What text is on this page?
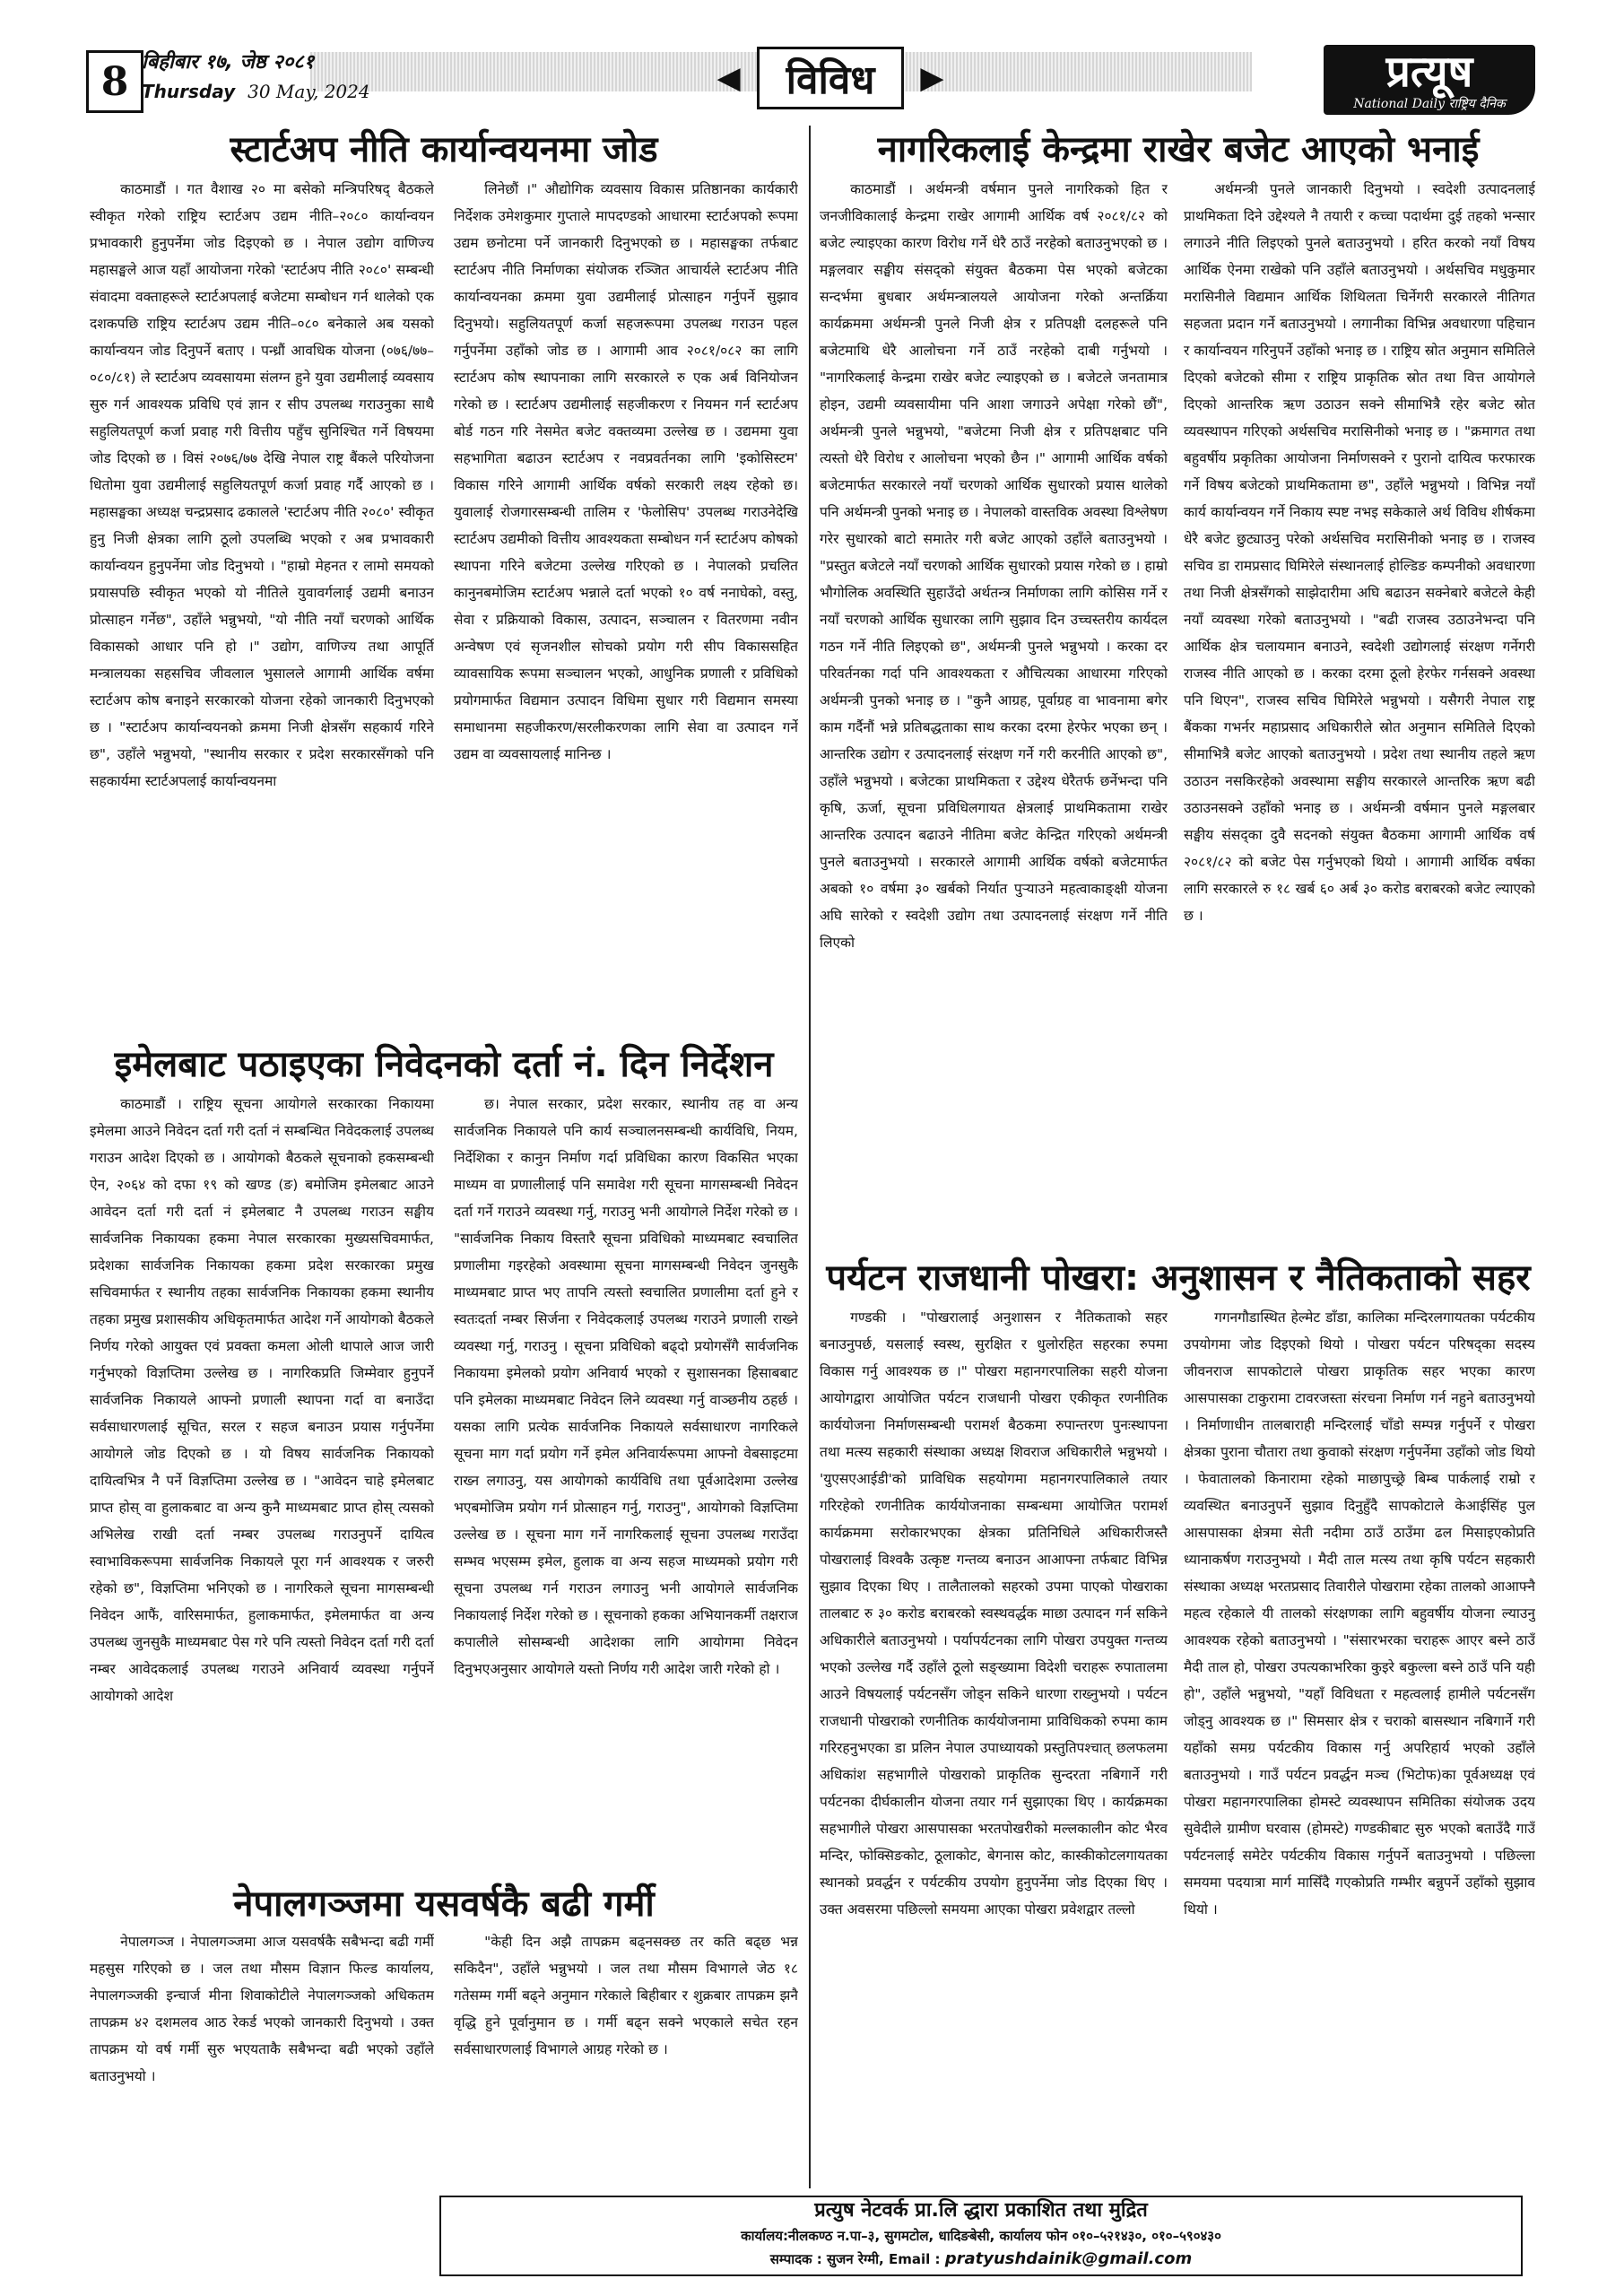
8 बिहीबार १७, जेष्ठ २०८१
Thursday 30 May, 2024	◀	विविध	▶	प्रत्यूष
National Daily राष्ट्रिय दैनिक
स्टार्टअप नीति कार्यान्वयनमा जोड

काठमाडौं । गत वैशाख २० मा बसेको मन्त्रिपरिषद् बैठकले स्वीकृत गरेको राष्ट्रिय स्टार्टअप उद्यम नीति–२०८० कार्यान्वयन प्रभावकारी हुनुपर्नेमा जोड दिइएको छ । नेपाल उद्योग वाणिज्य महासङ्घले आज यहाँ आयोजना गरेको 'स्टार्टअप नीति २०८०' सम्बन्धी संवादमा वक्ताहरूले स्टार्टअपलाई बजेटमा सम्बोधन गर्न थालेको एक दशकपछि राष्ट्रिय स्टार्टअप उद्यम नीति–०८० बनेकाले अब यसको कार्यान्वयन जोड दिनुपर्ने बताए । पन्ध्रौं आवधिक योजना (०७६/७७–०८०/८१) ले स्टार्टअप व्यवसायमा संलग्न हुने युवा उद्यमीलाई व्यवसाय सुरु गर्न आवश्यक प्रविधि एवं ज्ञान र सीप उपलब्ध गराउनुका साथै सहुलियतपूर्ण कर्जा प्रवाह गरी वित्तीय पहुँच सुनिश्चित गर्ने विषयमा जोड दिएको छ । विसं २०७६/७७ देखि नेपाल राष्ट्र बैंकले परियोजना धितोमा युवा उद्यमीलाई सहुलियतपूर्ण कर्जा प्रवाह गर्दै आएको छ । महासङ्घका अध्यक्ष चन्द्रप्रसाद ढकालले 'स्टार्टअप नीति २०८०' स्वीकृत हुनु निजी क्षेत्रका लागि ठूलो उपलब्धि भएको र अब प्रभावकारी कार्यान्वयन हुनुपर्नेमा जोड दिनुभयो । "हाम्रो मेहनत र लामो समयको प्रयासपछि स्वीकृत भएको यो नीतिले युवावर्गलाई उद्यमी बनाउन प्रोत्साहन गर्नेछ", उहाँले भन्नुभयो, "यो नीति नयाँ चरणको आर्थिक विकासको आधार पनि हो ।" उद्योग, वाणिज्य तथा आपूर्ति मन्त्रालयका सहसचिव जीवलाल भुसालले आगामी आर्थिक वर्षमा स्टार्टअप कोष बनाइने सरकारको योजना रहेको जानकारी दिनुभएको छ । "स्टार्टअप कार्यान्वयनको क्रममा निजी क्षेत्रसँग सहकार्य गरिने छ", उहाँले भन्नुभयो, "स्थानीय सरकार र प्रदेश सरकारसँगको पनि सहकार्यमा स्टार्टअपलाई कार्यान्वयनमा

लिनेछौं ।" औद्योगिक व्यवसाय विकास प्रतिष्ठानका कार्यकारी निर्देशक उमेशकुमार गुप्ताले मापदण्डको आधारमा स्टार्टअपको रूपमा उद्यम छनोटमा पर्ने जानकारी दिनुभएको छ । महासङ्घका तर्फबाट स्टार्टअप नीति निर्माणका संयोजक रञ्जित आचार्यले स्टार्टअप नीति कार्यान्वयनका क्रममा युवा उद्यमीलाई प्रोत्साहन गर्नुपर्ने सुझाव दिनुभयो। सहुलियतपूर्ण कर्जा सहजरूपमा उपलब्ध गराउन पहल गर्नुपर्नेमा उहाँको जोड छ । आगामी आव २०८१/०८२ का लागि स्टार्टअप कोष स्थापनाका लागि सरकारले रु एक अर्ब विनियोजन गरेको छ । स्टार्टअप उद्यमीलाई सहजीकरण र नियमन गर्न स्टार्टअप बोर्ड गठन गरि नेसमेत बजेट वक्तव्यमा उल्लेख छ । उद्यममा युवा सहभागिता बढाउन स्टार्टअप र नवप्रवर्तनका लागि 'इकोसिस्टम' विकास गरिने आगामी आर्थिक वर्षको सरकारी लक्ष्य रहेको छ। युवालाई रोजगारसम्बन्धी तालिम र 'फेलोसिप' उपलब्ध गराउनेदेखि स्टार्टअप उद्यमीको वित्तीय आवश्यकता सम्बोधन गर्न स्टार्टअप कोषको स्थापना गरिने बजेटमा उल्लेख गरिएको छ । नेपालको प्रचलित कानुनबमोजिम स्टार्टअप भन्नाले दर्ता भएको १० वर्ष ननाघेको, वस्तु, सेवा र प्रक्रियाको विकास, उत्पादन, सञ्चालन र वितरणमा नवीन अन्वेषण एवं सृजनशील सोचको प्रयोग गरी सीप विकाससहित व्यावसायिक रूपमा सञ्चालन भएको, आधुनिक प्रणाली र प्रविधिको प्रयोगमार्फत विद्यमान उत्पादन विधिमा सुधार गरी विद्यमान समस्या समाधानमा सहजीकरण/सरलीकरणका लागि सेवा वा उत्पादन गर्ने उद्यम वा व्यवसायलाई मानिन्छ ।

इमेलबाट पठाइएका निवेदनको दर्ता नं. दिन निर्देशन

काठमाडौं । राष्ट्रिय सूचना आयोगले सरकारका निकायमा इमेलमा आउने निवेदन दर्ता गरी दर्ता नं सम्बन्धित निवेदकलाई उपलब्ध गराउन आदेश दिएको छ । आयोगको बैठकले सूचनाको हकसम्बन्धी ऐन, २०६४ को दफा १९ को खण्ड (ङ) बमोजिम इमेलबाट आउने आवेदन दर्ता गरी दर्ता नं इमेलबाट नै उपलब्ध गराउन सङ्घीय सार्वजनिक निकायका हकमा नेपाल सरकारका मुख्यसचिवमार्फत, प्रदेशका सार्वजनिक निकायका हकमा प्रदेश सरकारका प्रमुख सचिवमार्फत र स्थानीय तहका सार्वजनिक निकायका हकमा स्थानीय तहका प्रमुख प्रशासकीय अधिकृतमार्फत आदेश गर्ने आयोगको बैठकले निर्णय गरेको आयुक्त एवं प्रवक्ता कमला ओली थापाले आज जारी गर्नुभएको विज्ञप्तिमा उल्लेख छ । नागरिकप्रति जिम्मेवार हुनुपर्ने सार्वजनिक निकायले आफ्नो प्रणाली स्थापना गर्दा वा बनाउँदा सर्वसाधारणलाई सूचित, सरल र सहज बनाउन प्रयास गर्नुपर्नेमा आयोगले जोड दिएको छ । यो विषय सार्वजनिक निकायको दायित्वभित्र नै पर्ने विज्ञप्तिमा उल्लेख छ । "आवेदन चाहे इमेलबाट प्राप्त होस् वा हुलाकबाट वा अन्य कुनै माध्यमबाट प्राप्त होस् त्यसको अभिलेख राखी दर्ता नम्बर उपलब्ध गराउनुपर्ने दायित्व स्वाभाविकरूपमा सार्वजनिक निकायले पूरा गर्न आवश्यक र जरुरी रहेको छ", विज्ञप्तिमा भनिएको छ । नागरिकले सूचना मागसम्बन्धी निवेदन आफैं, वारिसमार्फत, हुलाकमार्फत, इमेलमार्फत वा अन्य उपलब्ध जुनसुकै माध्यमबाट पेस गरे पनि त्यस्तो निवेदन दर्ता गरी दर्ता नम्बर आवेदकलाई उपलब्ध गराउने अनिवार्य व्यवस्था गर्नुपर्ने आयोगको आदेश

छ। नेपाल सरकार, प्रदेश सरकार, स्थानीय तह वा अन्य सार्वजनिक निकायले पनि कार्य सञ्चालनसम्बन्धी कार्यविधि, नियम, निर्देशिका र कानुन निर्माण गर्दा प्रविधिका कारण विकसित भएका माध्यम वा प्रणालीलाई पनि समावेश गरी सूचना मागसम्बन्धी निवेदन दर्ता गर्ने गराउने व्यवस्था गर्नु, गराउनु भनी आयोगले निर्देश गरेको छ । "सार्वजनिक निकाय विस्तारै सूचना प्रविधिको माध्यमबाट स्वचालित प्रणालीमा गइरहेको अवस्थामा सूचना मागसम्बन्धी निवेदन जुनसुकै माध्यमबाट प्राप्त भए तापनि त्यस्तो स्वचालित प्रणालीमा दर्ता हुने र स्वतःदर्ता नम्बर सिर्जना र निवेदकलाई उपलब्ध गराउने प्रणाली राख्ने व्यवस्था गर्नु, गराउनु । सूचना प्रविधिको बढ्दो प्रयोगसँगै सार्वजनिक निकायमा इमेलको प्रयोग अनिवार्य भएको र सुशासनका हिसाबबाट पनि इमेलका माध्यमबाट निवेदन लिने व्यवस्था गर्नु वाञ्छनीय ठहर्छ । यसका लागि प्रत्येक सार्वजनिक निकायले सर्वसाधारण नागरिकले सूचना माग गर्दा प्रयोग गर्ने इमेल अनिवार्यरूपमा आफ्नो वेबसाइटमा राख्न लगाउनु, यस आयोगको कार्यविधि तथा पूर्वआदेशमा उल्लेख भएबमोजिम प्रयोग गर्न प्रोत्साहन गर्नु, गराउनु", आयोगको विज्ञप्तिमा उल्लेख छ । सूचना माग गर्ने नागरिकलाई सूचना उपलब्ध गराउँदा सम्भव भएसम्म इमेल, हुलाक वा अन्य सहज माध्यमको प्रयोग गरी सूचना उपलब्ध गर्न गराउन लगाउनु भनी आयोगले सार्वजनिक निकायलाई निर्देश गरेको छ । सूचनाको हकका अभियानकर्मी तक्षराज कपालीले सोसम्बन्धी आदेशका लागि आयोगमा निवेदन दिनुभएअनुसार आयोगले यस्तो निर्णय गरी आदेश जारी गरेको हो ।

नेपालगञ्जमा यसवर्षकै बढी गर्मी

नेपालगञ्ज । नेपालगञ्जमा आज यसवर्षकै सबैभन्दा बढी गर्मी महसुस गरिएको छ । जल तथा मौसम विज्ञान फिल्ड कार्यालय, नेपालगञ्जकी इन्चार्ज मीना शिवाकोटीले नेपालगञ्जको अधिकतम तापक्रम ४२ दशमलव आठ रेकर्ड भएको जानकारी दिनुभयो । उक्त तापक्रम यो वर्ष गर्मी सुरु भएयताकै सबैभन्दा बढी भएको उहाँले बताउनुभयो ।

"केही दिन अझै तापक्रम बढ्नसक्छ तर कति बढ्छ भन्न सकिदैन", उहाँले भन्नुभयो । जल तथा मौसम विभागले जेठ १८ गतेसम्म गर्मी बढ्ने अनुमान गरेकाले बिहीबार र शुक्रबार तापक्रम झनै वृद्धि हुने पूर्वानुमान छ । गर्मी बढ्न सक्ने भएकाले सचेत रहन सर्वसाधारणलाई विभागले आग्रह गरेको छ ।

नागरिकलाई केन्द्रमा राखेर बजेट आएको भनाई

काठमाडौं । अर्थमन्त्री वर्षमान पुनले नागरिकको हित र जनजीविकालाई केन्द्रमा राखेर आगामी आर्थिक वर्ष २०८१/८२ को बजेट ल्याइएका कारण विरोध गर्ने धेरै ठाउँ नरहेको बताउनुभएको छ । मङ्गलवार सङ्घीय संसद्को संयुक्त बैठकमा पेस भएको बजेटका सन्दर्भमा बुधबार अर्थमन्त्रालयले आयोजना गरेको अन्तर्क्रिया कार्यक्रममा अर्थमन्त्री पुनले निजी क्षेत्र र प्रतिपक्षी दलहरूले पनि बजेटमाथि धेरै आलोचना गर्ने ठाउँ नरहेको दाबी गर्नुभयो । "नागरिकलाई केन्द्रमा राखेर बजेट ल्याइएको छ । बजेटले जनतामात्र होइन, उद्यमी व्यवसायीमा पनि आशा जगाउने अपेक्षा गरेको छौं", अर्थमन्त्री पुनले भन्नुभयो, "बजेटमा निजी क्षेत्र र प्रतिपक्षबाट पनि त्यस्तो धेरै विरोध र आलोचना भएको छैन ।" आगामी आर्थिक वर्षको बजेटमार्फत सरकारले नयाँ चरणको आर्थिक सुधारको प्रयास थालेको पनि अर्थमन्त्री पुनको भनाइ छ । नेपालको वास्तविक अवस्था विश्लेषण गरेर सुधारको बाटो समातेर गरी बजेट आएको उहाँले बताउनुभयो । "प्रस्तुत बजेटले नयाँ चरणको आर्थिक सुधारको प्रयास गरेको छ । हाम्रो भौगोलिक अवस्थिति सुहाउँदो अर्थतन्त्र निर्माणका लागि कोसिस गर्ने र नयाँ चरणको आर्थिक सुधारका लागि सुझाव दिन उच्चस्तरीय कार्यदल गठन गर्ने नीति लिइएको छ", अर्थमन्त्री पुनले भन्नुभयो । करका दर परिवर्तनका गर्दा पनि आवश्यकता र औचित्यका आधारमा गरिएको अर्थमन्त्री पुनको भनाइ छ । "कुनै आग्रह, पूर्वाग्रह वा भावनामा बगेर काम गर्दैनौं भन्ने प्रतिबद्धताका साथ करका दरमा हेरफेर भएका छन् । आन्तरिक उद्योग र उत्पादनलाई संरक्षण गर्ने गरी करनीति आएको छ", उहाँले भन्नुभयो । बजेटका प्राथमिकता र उद्देश्य धेरैतर्फ छर्नेभन्दा पनि कृषि, ऊर्जा, सूचना प्रविधिलगायत क्षेत्रलाई प्राथमिकतामा राखेर आन्तरिक उत्पादन बढाउने नीतिमा बजेट केन्द्रित गरिएको अर्थमन्त्री पुनले बताउनुभयो । सरकारले आगामी आर्थिक वर्षको बजेटमार्फत अबको १० वर्षमा ३० खर्बको निर्यात पुऱ्याउने महत्वाकाङ्क्षी योजना अघि सारेको र स्वदेशी उद्योग तथा उत्पादनलाई संरक्षण गर्ने नीति लिएको

अर्थमन्त्री पुनले जानकारी दिनुभयो । स्वदेशी उत्पादनलाई प्राथमिकता दिने उद्देश्यले नै तयारी र कच्चा पदार्थमा दुई तहको भन्सार लगाउने नीति लिइएको पुनले बताउनुभयो । हरित करको नयाँ विषय आर्थिक ऐनमा राखेको पनि उहाँले बताउनुभयो । अर्थसचिव मधुकुमार मरासिनीले विद्यमान आर्थिक शिथिलता चिर्नेगरी सरकारले नीतिगत सहजता प्रदान गर्ने बताउनुभयो । लगानीका विभिन्न अवधारणा पहिचान र कार्यान्वयन गरिनुपर्ने उहाँको भनाइ छ । राष्ट्रिय स्रोत अनुमान समितिले दिएको बजेटको सीमा र राष्ट्रिय प्राकृतिक स्रोत तथा वित्त आयोगले दिएको आन्तरिक ऋण उठाउन सक्ने सीमाभित्रै रहेर बजेट स्रोत व्यवस्थापन गरिएको अर्थसचिव मरासिनीको भनाइ छ । "क्रमागत तथा बहुवर्षीय प्रकृतिका आयोजना निर्माणसक्ने र पुरानो दायित्व फरफारक गर्ने विषय बजेटको प्राथमिकतामा छ", उहाँले भन्नुभयो । विभिन्न नयाँ कार्य कार्यान्वयन गर्ने निकाय स्पष्ट नभइ सकेकाले अर्थ विविध शीर्षकमा धेरै बजेट छुट्याउनु परेको अर्थसचिव मरासिनीको भनाइ छ । राजस्व सचिव डा रामप्रसाद घिमिरेले संस्थानलाई होल्डिङ कम्पनीको अवधारणा तथा निजी क्षेत्रसँगको साझेदारीमा अघि बढाउन सक्नेबारे बजेटले केही नयाँ व्यवस्था गरेको बताउनुभयो । "बढी राजस्व उठाउनेभन्दा पनि आर्थिक क्षेत्र चलायमान बनाउने, स्वदेशी उद्योगलाई संरक्षण गर्नेगरी राजस्व नीति आएको छ । करका दरमा ठूलो हेरफेर गर्नसक्ने अवस्था पनि थिएन", राजस्व सचिव घिमिरेले भन्नुभयो । यसैगरी नेपाल राष्ट्र बैंकका गभर्नर महाप्रसाद अधिकारीले स्रोत अनुमान समितिले दिएको सीमाभित्रै बजेट आएको बताउनुभयो । प्रदेश तथा स्थानीय तहले ऋण उठाउन नसकिरहेको अवस्थामा सङ्घीय सरकारले आन्तरिक ऋण बढी उठाउनसक्ने उहाँको भनाइ छ । अर्थमन्त्री वर्षमान पुनले मङ्गलबार सङ्घीय संसद्का दुवै सदनको संयुक्त बैठकमा आगामी आर्थिक वर्ष २०८१/८२ को बजेट पेस गर्नुभएको थियो । आगामी आर्थिक वर्षका लागि सरकारले रु १८ खर्ब ६० अर्ब ३० करोड बराबरको बजेट ल्याएको छ ।

पर्यटन राजधानी पोखरा: अनुशासन र नैतिकताको सहर

गण्डकी । "पोखरालाई अनुशासन र नैतिकताको सहर बनाउनुपर्छ, यसलाई स्वस्थ, सुरक्षित र धुलोरहित सहरका रुपमा विकास गर्नु आवश्यक छ ।" पोखरा महानगरपालिका सहरी योजना आयोगद्वारा आयोजित पर्यटन राजधानी पोखरा एकीकृत रणनीतिक कार्ययोजना निर्माणसम्बन्धी परामर्श बैठकमा रुपान्तरण पुनःस्थापना तथा मत्स्य सहकारी संस्थाका अध्यक्ष शिवराज अधिकारीले भन्नुभयो । 'युएसएआईडी'को प्राविधिक सहयोगमा महानगरपालिकाले तयार गरिरहेको रणनीतिक कार्ययोजनाका सम्बन्धमा आयोजित परामर्श कार्यक्रममा सरोकारभएका क्षेत्रका प्रतिनिधिले अधिकारीजस्तै पोखरालाई विश्वकै उत्कृष्ट गन्तव्य बनाउन आआफ्ना तर्फबाट विभिन्न सुझाव दिएका थिए । तालैतालको सहरको उपमा पाएको पोखराका तालबाट रु ३० करोड बराबरको स्वस्थवर्द्धक माछा उत्पादन गर्न सकिने अधिकारीले बताउनुभयो । पर्यापर्यटनका लागि पोखरा उपयुक्त गन्तव्य भएको उल्लेख गर्दै उहाँले ठूलो सङ्ख्यामा विदेशी चराहरू रुपातालमा आउने विषयलाई पर्यटनसँग जोड्न सकिने धारणा राख्नुभयो । पर्यटन राजधानी पोखराको रणनीतिक कार्ययोजनामा प्राविधिकको रुपमा काम गरिरहनुभएका डा प्रलिन नेपाल उपाध्यायको प्रस्तुतिपश्चात् छलफलमा अधिकांश सहभागीले पोखराको प्राकृतिक सुन्दरता नबिगार्ने गरी पर्यटनका दीर्घकालीन योजना तयार गर्न सुझाएका थिए । कार्यक्रमका सहभागीले पोखरा आसपासका भरतपोखरीको मल्लकालीन कोट भैरव मन्दिर, फोक्सिङकोट, ठूलाकोट, बेगनास कोट, कास्कीकोटलगायतका स्थानको प्रवर्द्धन र पर्यटकीय उपयोग हुनुपर्नेमा जोड दिएका थिए । उक्त अवसरमा पछिल्लो समयमा आएका पोखरा प्रवेशद्वार तल्लो

गगनगौडास्थित हेल्मेट डाँडा, कालिका मन्दिरलगायतका पर्यटकीय उपयोगमा जोड दिइएको थियो । पोखरा पर्यटन परिषद्का सदस्य जीवनराज सापकोटाले पोखरा प्राकृतिक सहर भएका कारण आसपासका टाकुरामा टावरजस्ता संरचना निर्माण गर्न नहुने बताउनुभयो । निर्माणाधीन तालबाराही मन्दिरलाई चाँडो सम्पन्न गर्नुपर्ने र पोखरा क्षेत्रका पुराना चौतारा तथा कुवाको संरक्षण गर्नुपर्नेमा उहाँको जोड थियो । फेवातालको किनारामा रहेको माछापुच्छ्रे बिम्ब पार्कलाई राम्रो र व्यवस्थित बनाउनुपर्ने सुझाव दिनुहुँदै सापकोटाले केआईसिंह पुल आसपासका क्षेत्रमा सेती नदीमा ठाउँ ठाउँमा ढल मिसाइएकोप्रति ध्यानाकर्षण गराउनुभयो । मैदी ताल मत्स्य तथा कृषि पर्यटन सहकारी संस्थाका अध्यक्ष भरतप्रसाद तिवारीले पोखरामा रहेका तालको आआफ्नै महत्व रहेकाले यी तालको संरक्षणका लागि बहुवर्षीय योजना ल्याउनु आवश्यक रहेको बताउनुभयो । "संसारभरका चराहरू आएर बस्ने ठाउँ मैदी ताल हो, पोखरा उपत्यकाभरिका कुइरे बकुल्ला बस्ने ठाउँ पनि यही हो", उहाँले भन्नुभयो, "यहाँ विविधता र महत्वलाई हामीले पर्यटनसँग जोड्नु आवश्यक छ ।" सिमसार क्षेत्र र चराको बासस्थान नबिगार्ने गरी यहाँको समग्र पर्यटकीय विकास गर्नु अपरिहार्य भएको उहाँले बताउनुभयो । गाउँ पर्यटन प्रवर्द्धन मञ्च (भिटोफ)का पूर्वअध्यक्ष एवं पोखरा महानगरपालिका होमस्टे व्यवस्थापन समितिका संयोजक उदय सुवेदीले ग्रामीण घरवास (होमस्टे) गण्डकीबाट सुरु भएको बताउँदै गाउँ पर्यटनलाई समेटेर पर्यटकीय विकास गर्नुपर्ने बताउनुभयो । पछिल्ला समयमा पदयात्रा मार्ग मासिँदै गएकोप्रति गम्भीर बन्नुपर्ने उहाँको सुझाव थियो ।

प्रत्युष नेटवर्क प्रा.लि द्धारा प्रकाशित तथा मुद्रित
कार्यालय:नीलकण्ठ न.पा–३, सुगमटोल, धादिङबेसी, कार्यालय फोन ०१०–५२१४३०, ०१०–५९०४३०
सम्पादक : सुजन रेग्मी, Email : pratyushdainik@gmail.com
